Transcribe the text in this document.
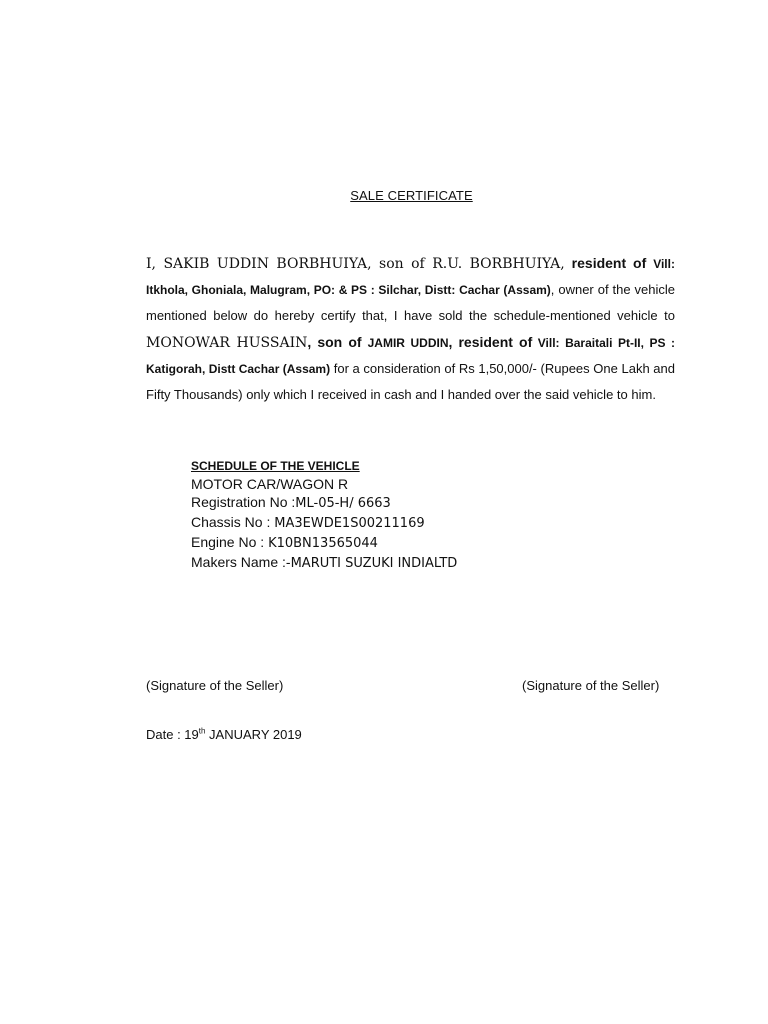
SALE CERTIFICATE
I, SAKIB UDDIN BORBHUIYA, son of R.U. BORBHUIYA, resident of Vill: Itkhola, Ghoniala, Malugram, PO: & PS : Silchar, Distt: Cachar (Assam), owner of the vehicle mentioned below do hereby certify that, I have sold the schedule-mentioned vehicle to MONOWAR HUSSAIN, son of JAMIR UDDIN, resident of Vill: Baraitali Pt-II, PS : Katigorah, Distt Cachar (Assam) for a consideration of Rs 1,50,000/- (Rupees One Lakh and Fifty Thousands) only which I received in cash and I handed over the said vehicle to him.
SCHEDULE OF THE VEHICLE
MOTOR CAR/WAGON R
Registration No :ML-05-H/ 6663
Chassis No : MA3EWDE1S00211169
Engine No : K10BN13565044
Makers Name :-MARUTI SUZUKI INDIALTD
(Signature of the Seller)	(Signature of the Seller)
Date : 19th JANUARY 2019
